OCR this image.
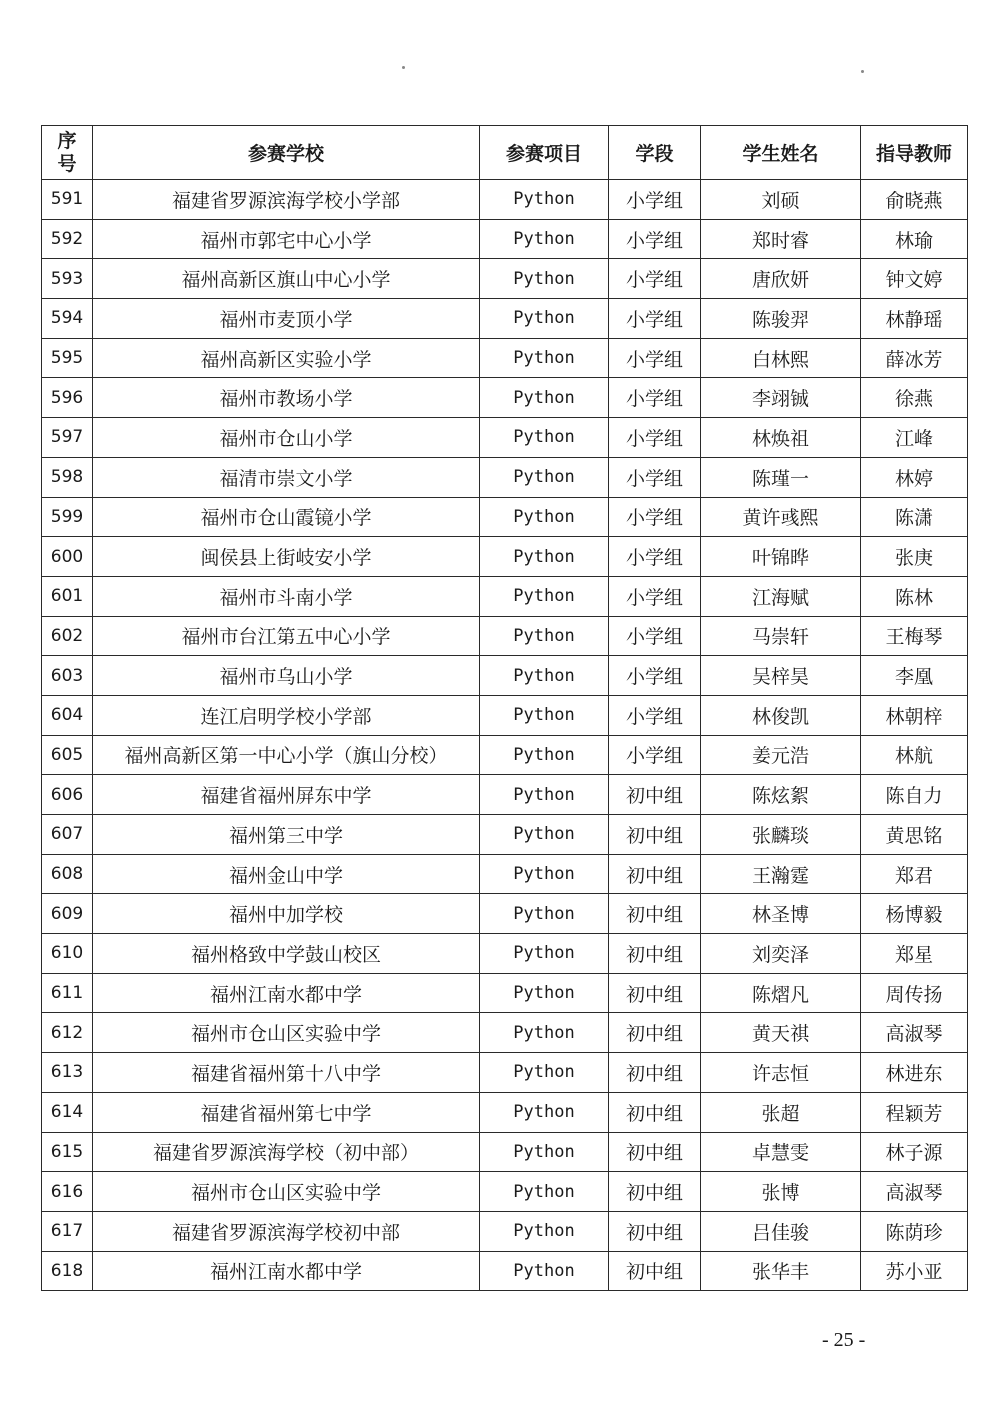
序
号	参赛学校	参赛项目	学段	学生姓名	指导教师
591	福建省罗源滨海学校小学部	Python	小学组	刘硕	俞晓燕
592	福州市郭宅中心小学	Python	小学组	郑时睿	林瑜
593	福州高新区旗山中心小学	Python	小学组	唐欣妍	钟文婷
594	福州市麦顶小学	Python	小学组	陈骏羿	林静瑶
595	福州高新区实验小学	Python	小学组	白林熙	薛冰芳
596	福州市教场小学	Python	小学组	李翊铖	徐燕
597	福州市仓山小学	Python	小学组	林焕祖	江峰
598	福清市崇文小学	Python	小学组	陈瑾一	林婷
599	福州市仓山霞镜小学	Python	小学组	黄许彧熙	陈潇
600	闽侯县上街岐安小学	Python	小学组	叶锦晔	张庚
601	福州市斗南小学	Python	小学组	江海赋	陈林
602	福州市台江第五中心小学	Python	小学组	马崇轩	王梅琴
603	福州市乌山小学	Python	小学组	吴梓昊	李凰
604	连江启明学校小学部	Python	小学组	林俊凯	林朝梓
605	福州高新区第一中心小学（旗山分校）	Python	小学组	姜元浩	林航
606	福建省福州屏东中学	Python	初中组	陈炫絮	陈自力
607	福州第三中学	Python	初中组	张麟琰	黄思铭
608	福州金山中学	Python	初中组	王瀚霆	郑君
609	福州中加学校	Python	初中组	林圣博	杨博毅
610	福州格致中学鼓山校区	Python	初中组	刘奕泽	郑星
611	福州江南水都中学	Python	初中组	陈熠凡	周传扬
612	福州市仓山区实验中学	Python	初中组	黄天祺	高淑琴
613	福建省福州第十八中学	Python	初中组	许志恒	林进东
614	福建省福州第七中学	Python	初中组	张超	程颖芳
615	福建省罗源滨海学校（初中部）	Python	初中组	卓慧雯	林子源
616	福州市仓山区实验中学	Python	初中组	张博	高淑琴
617	福建省罗源滨海学校初中部	Python	初中组	吕佳骏	陈荫珍
618	福州江南水都中学	Python	初中组	张华丰	苏小亚
- 25 -
